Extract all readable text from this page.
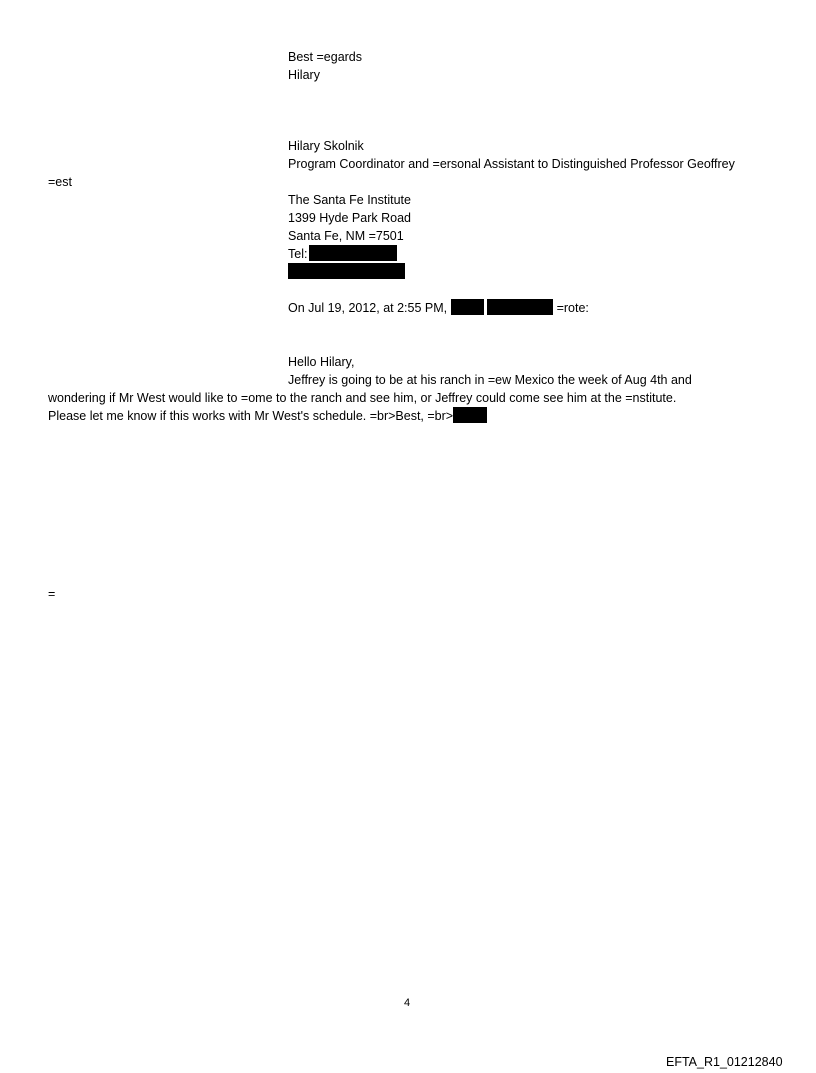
Best =egards
Hilary
Hilary Skolnik
Program Coordinator and =ersonal Assistant to Distinguished Professor Geoffrey
=est
The Santa Fe Institute
1399 Hyde Park Road
Santa Fe, NM =7501
Tel:
On Jul 19, 2012, at 2:55 PM,	=rote:
Hello Hilary,
Jeffrey is going to be at his ranch in =ew Mexico the week of Aug 4th and
wondering if Mr West would like to =ome to the ranch and see him, or Jeffrey could come see him at the =nstitute.
Please let me know if this works with Mr West's schedule. =br>Best, =br>
=
4
EFTA_R1_01212840
